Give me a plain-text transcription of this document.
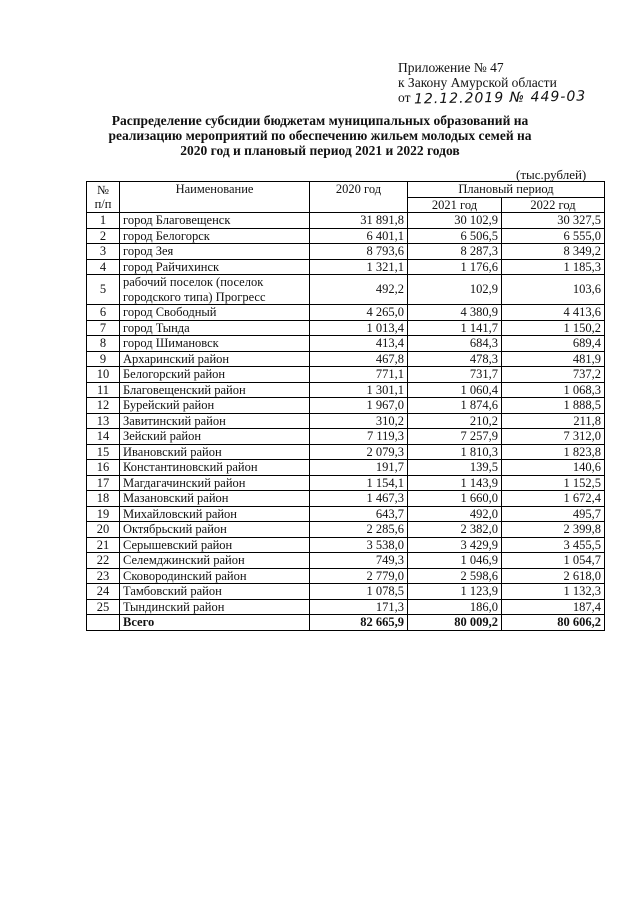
Приложение № 47
к Закону Амурской области
от 12.12.2019 № 449-03
Распределение субсидии бюджетам муниципальных образований на
реализацию мероприятий по обеспечению жильем молодых семей на
2020 год и плановый период 2021 и 2022 годов
(тыс.рублей)
№
п/п	Наименование	2020 год	Плановый период	
			2021 год	2022 год
1	город Благовещенск	31 891,8	30 102,9	30 327,5
2	город Белогорск	6 401,1	6 506,5	6 555,0
3	город Зея	8 793,6	8 287,3	8 349,2
4	город Райчихинск	1 321,1	1 176,6	1 185,3
5	рабочий поселок (поселок городского типа) Прогресс	492,2	102,9	103,6
6	город Свободный	4 265,0	4 380,9	4 413,6
7	город Тында	1 013,4	1 141,7	1 150,2
8	город Шимановск	413,4	684,3	689,4
9	Архаринский район	467,8	478,3	481,9
10	Белогорский район	771,1	731,7	737,2
11	Благовещенский район	1 301,1	1 060,4	1 068,3
12	Бурейский район	1 967,0	1 874,6	1 888,5
13	Завитинский район	310,2	210,2	211,8
14	Зейский район	7 119,3	7 257,9	7 312,0
15	Ивановский район	2 079,3	1 810,3	1 823,8
16	Константиновский район	191,7	139,5	140,6
17	Магдагачинский район	1 154,1	1 143,9	1 152,5
18	Мазановский район	1 467,3	1 660,0	1 672,4
19	Михайловский район	643,7	492,0	495,7
20	Октябрьский район	2 285,6	2 382,0	2 399,8
21	Серышевский район	3 538,0	3 429,9	3 455,5
22	Селемджинский район	749,3	1 046,9	1 054,7
23	Сковородинский район	2 779,0	2 598,6	2 618,0
24	Тамбовский район	1 078,5	1 123,9	1 132,3
25	Тындинский район	171,3	186,0	187,4
	Всего	82 665,9	80 009,2	80 606,2
